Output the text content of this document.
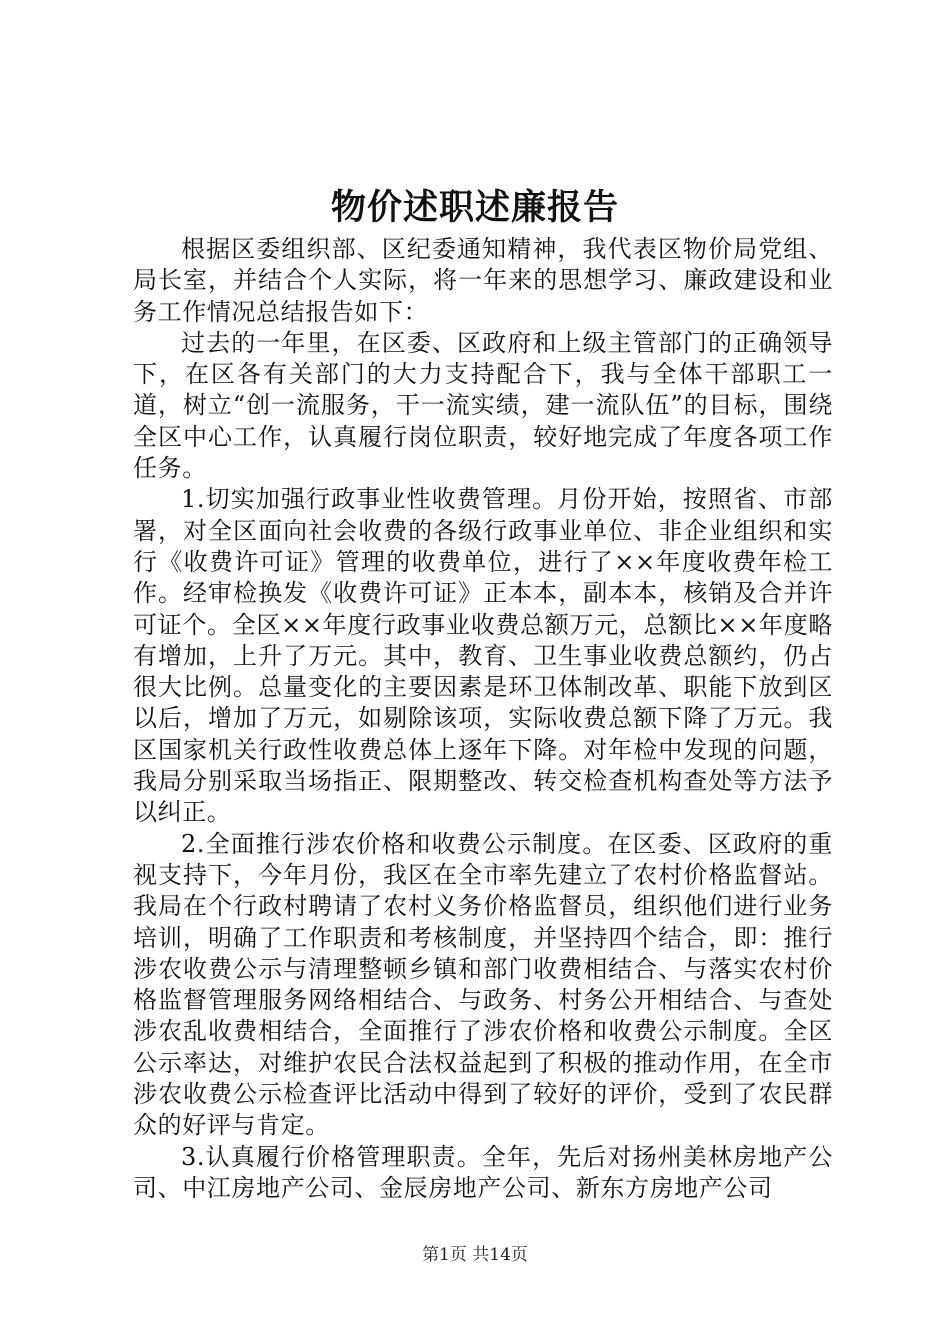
物价述职述廉报告

根据区委组织部、区纪委通知精神，我代表区物价局党组、局长室，并结合个人实际，将一年来的思想学习、廉政建设和业务工作情况总结报告如下：

过去的一年里，在区委、区政府和上级主管部门的正确领导下，在区各有关部门的大力支持配合下，我与全体干部职工一道，树立“创一流服务，干一流实绩，建一流队伍”的目标，围绕全区中心工作，认真履行岗位职责，较好地完成了年度各项工作任务。

1.切实加强行政事业性收费管理。月份开始，按照省、市部署，对全区面向社会收费的各级行政事业单位、非企业组织和实行《收费许可证》管理的收费单位，进行了××年度收费年检工作。经审检换发《收费许可证》正本本，副本本，核销及合并许可证个。全区××年度行政事业收费总额万元，总额比××年度略有增加，上升了万元。其中，教育、卫生事业收费总额约，仍占很大比例。总量变化的主要因素是环卫体制改革、职能下放到区以后，增加了万元，如剔除该项，实际收费总额下降了万元。我区国家机关行政性收费总体上逐年下降。对年检中发现的问题，我局分别采取当场指正、限期整改、转交检查机构查处等方法予以纠正。

2.全面推行涉农价格和收费公示制度。在区委、区政府的重视支持下，今年月份，我区在全市率先建立了农村价格监督站。我局在个行政村聘请了农村义务价格监督员，组织他们进行业务培训，明确了工作职责和考核制度，并坚持四个结合，即：推行涉农收费公示与清理整顿乡镇和部门收费相结合、与落实农村价格监督管理服务网络相结合、与政务、村务公开相结合、与查处涉农乱收费相结合，全面推行了涉农价格和收费公示制度。全区公示率达，对维护农民合法权益起到了积极的推动作用，在全市涉农收费公示检查评比活动中得到了较好的评价，受到了农民群众的好评与肯定。

3.认真履行价格管理职责。全年，先后对扬州美林房地产公司、中江房地产公司、金辰房地产公司、新东方房地产公司

第1页 共14页
